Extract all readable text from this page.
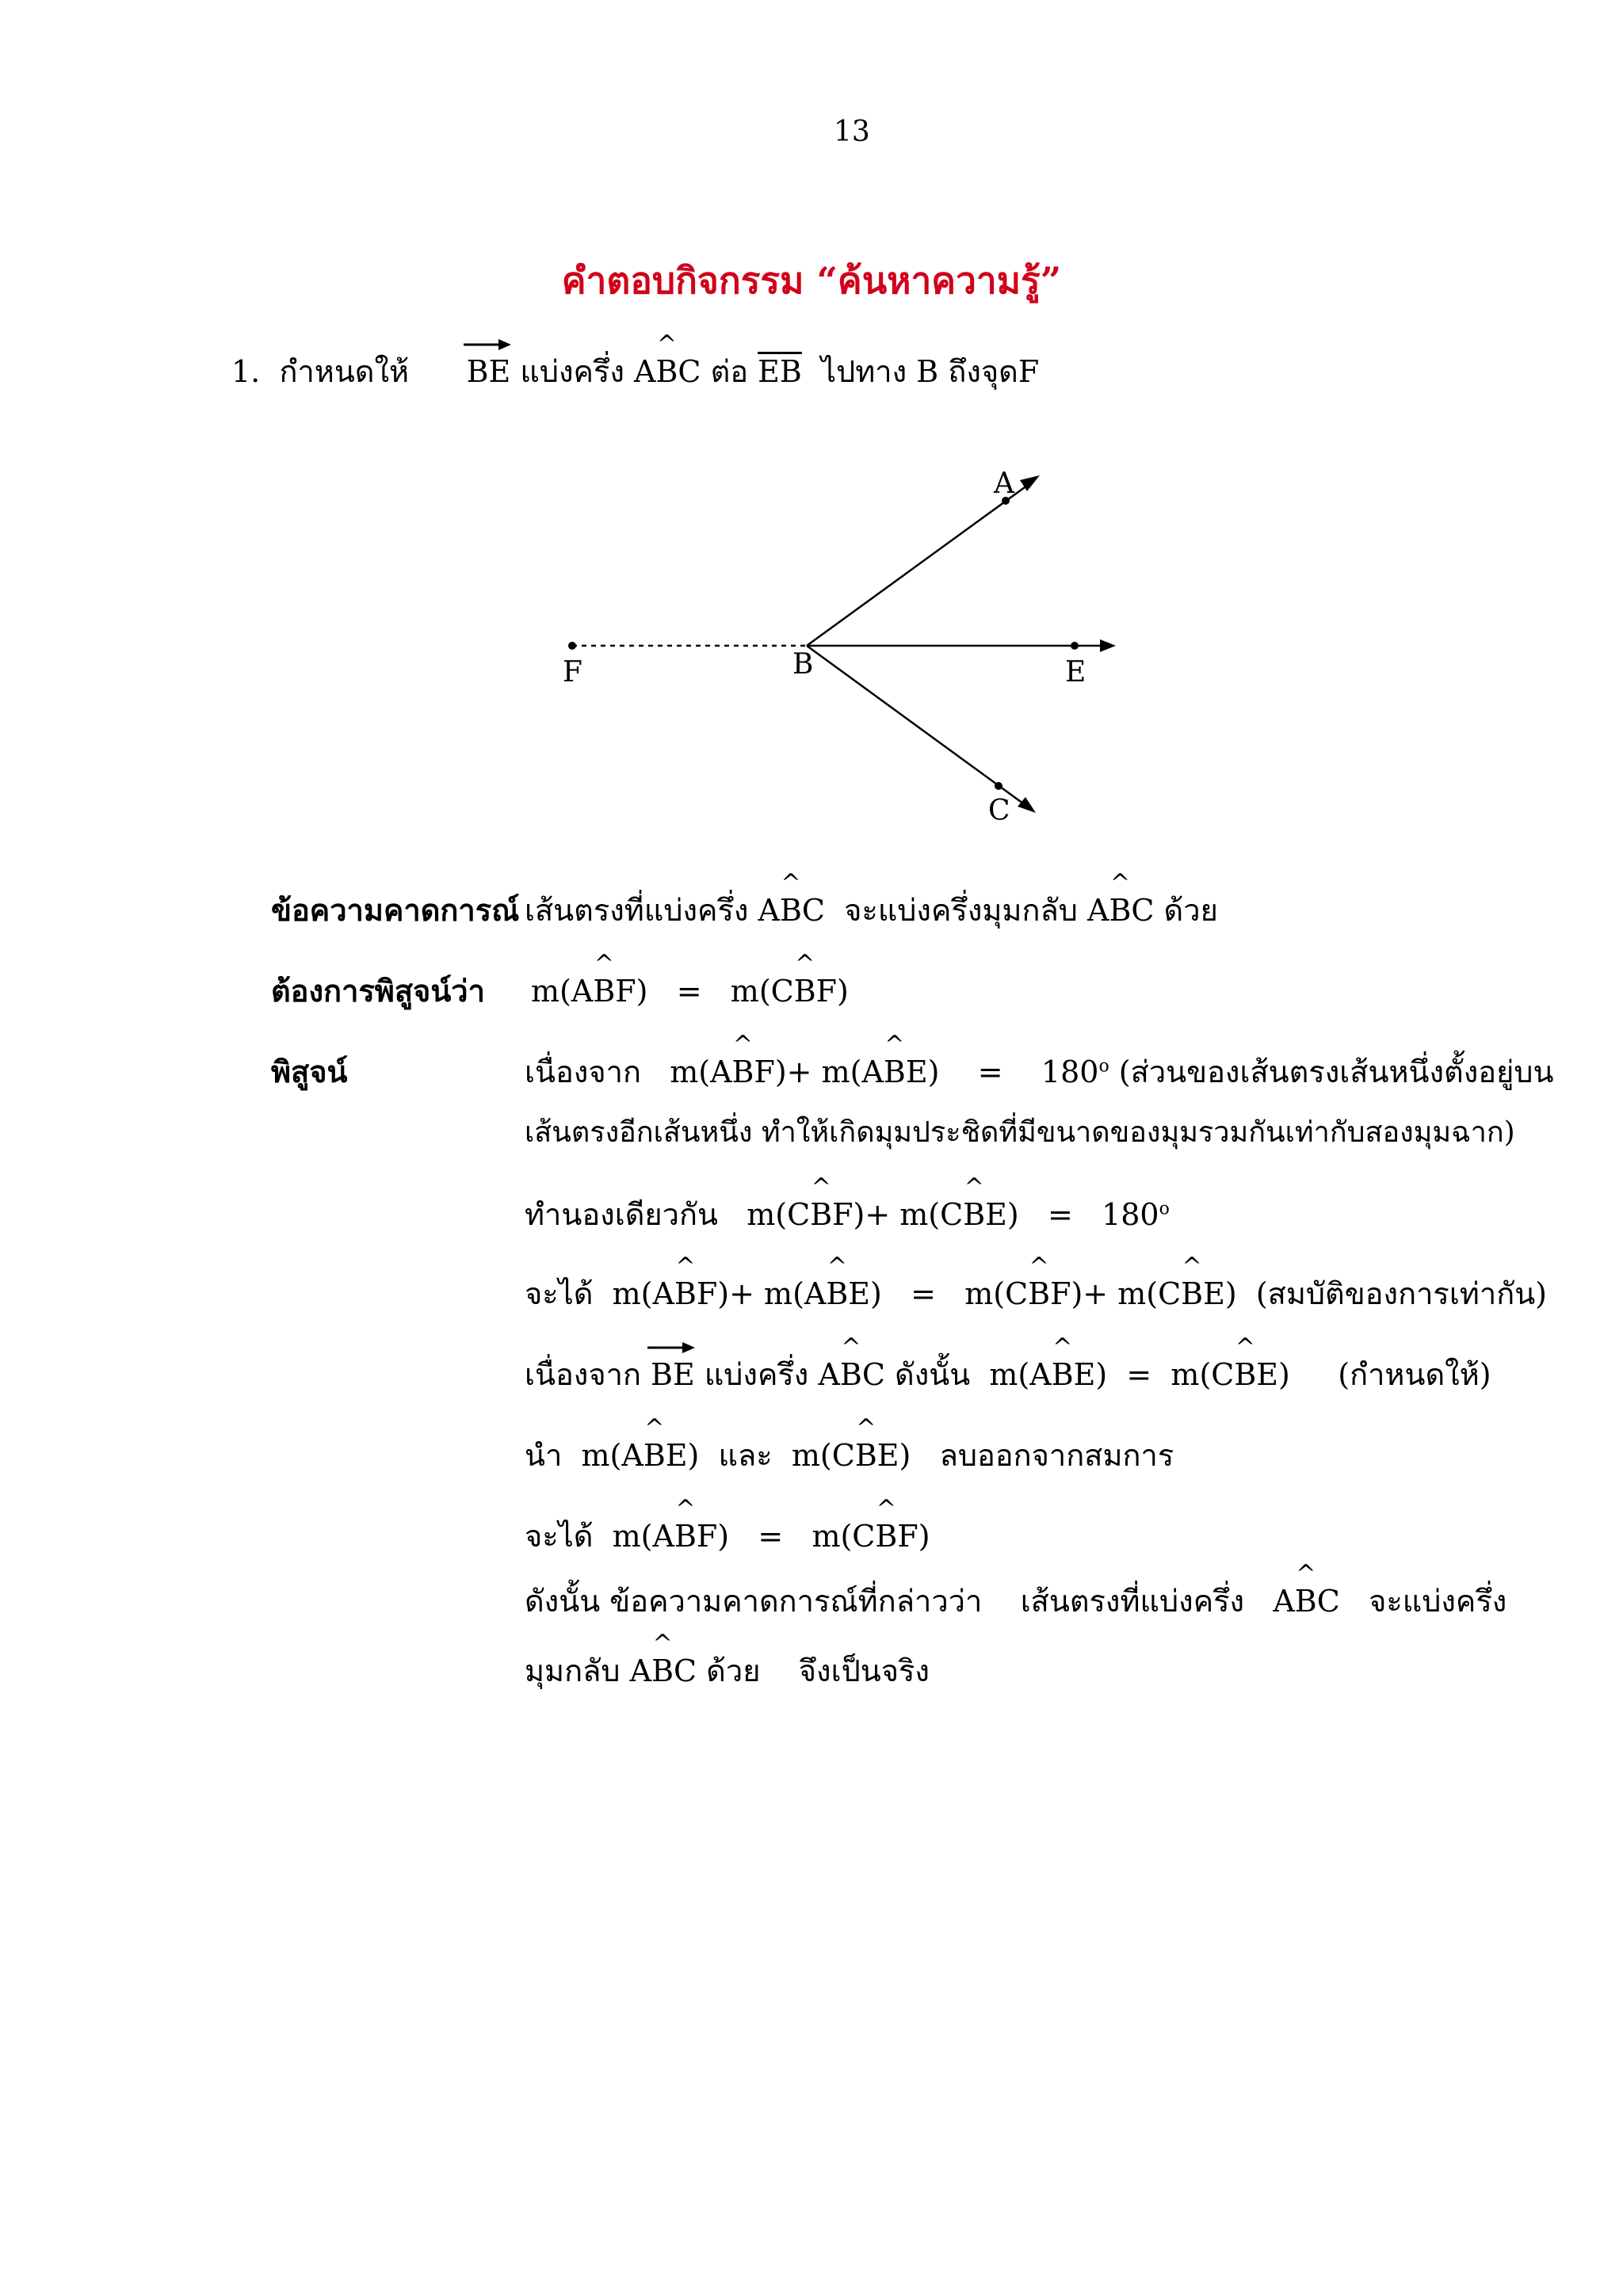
13
คำตอบกิจกรรม “ค้นหาความรู้”
1. กำหนดให้ BE แบ่งครึ่ง A^ BC ต่อ $\overline{EB}$ ไปทาง B ถึงจุดF
A
B	E
F
C
ข้อความคาดการณ์ เส้นตรงที่แบ่งครึ่ง A^ BC จะแบ่งครึ่งมุมกลับ A^ BC ด้วย
ต้องการพิสูจน์ว่า m(A^ BF) = m(C^ BF)
พิสูจน์	เนื่องจาก m(A^ BF)+ m(A^ $BE) = 180^o$ (ส่วนของเส้นตรงเส้นหนึ่งตั้งอยู่บน
เส้นตรงอีกเส้นหนึ่ง ทำให้เกิดมุมประชิดที่มีขนาดของมุมรวมกันเท่ากับสองมุมฉาก)
ทำนองเดียวกัน m(C^ BF)+ m(C^ $BE) = 180^o$
จะได้ m(A^ BF)+ m(A^ BE) = m(C^ BF)+ m(C^ BE) (สมบัติของการเท่ากัน)
เนื่องจาก BE แบ่งครึ่ง A^ BC ดังนั้น m(A^ BE) = m(C^ BE) (กำหนดให้)
นำ m(A^ BE) และ m(C^ BE) ลบออกจากสมการ
จะได้ m(A^ BF) = m(C^ BF)
ดังนั้น ข้อความคาดการณ์ที่กล่าวว่า เส้นตรงที่แบ่งครึ่ง A^ BC จะแบ่งครึ่ง
มุมกลับ A^ BC ด้วย จึงเป็นจริง
